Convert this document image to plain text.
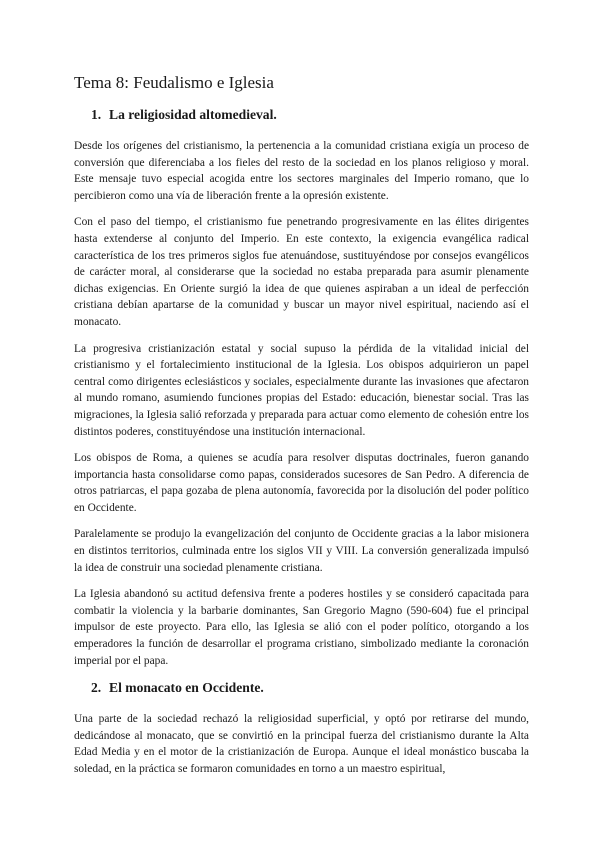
Tema 8: Feudalismo e Iglesia
1. La religiosidad altomedieval.

Desde los orígenes del cristianismo, la pertenencia a la comunidad cristiana exigía un proceso de conversión que diferenciaba a los fieles del resto de la sociedad en los planos religioso y moral. Este mensaje tuvo especial acogida entre los sectores marginales del Imperio romano, que lo percibieron como una vía de liberación frente a la opresión existente.

Con el paso del tiempo, el cristianismo fue penetrando progresivamente en las élites dirigentes hasta extenderse al conjunto del Imperio. En este contexto, la exigencia evangélica radical característica de los tres primeros siglos fue atenuándose, sustituyéndose por consejos evangélicos de carácter moral, al considerarse que la sociedad no estaba preparada para asumir plenamente dichas exigencias. En Oriente surgió la idea de que quienes aspiraban a un ideal de perfección cristiana debían apartarse de la comunidad y buscar un mayor nivel espiritual, naciendo así el monacato.

La progresiva cristianización estatal y social supuso la pérdida de la vitalidad inicial del cristianismo y el fortalecimiento institucional de la Iglesia. Los obispos adquirieron un papel central como dirigentes eclesiásticos y sociales, especialmente durante las invasiones que afectaron al mundo romano, asumiendo funciones propias del Estado: educación, bienestar social. Tras las migraciones, la Iglesia salió reforzada y preparada para actuar como elemento de cohesión entre los distintos poderes, constituyéndose una institución internacional.

Los obispos de Roma, a quienes se acudía para resolver disputas doctrinales, fueron ganando importancia hasta consolidarse como papas, considerados sucesores de San Pedro. A diferencia de otros patriarcas, el papa gozaba de plena autonomía, favorecida por la disolución del poder político en Occidente.

Paralelamente se produjo la evangelización del conjunto de Occidente gracias a la labor misionera en distintos territorios, culminada entre los siglos VII y VIII. La conversión generalizada impulsó la idea de construir una sociedad plenamente cristiana.

La Iglesia abandonó su actitud defensiva frente a poderes hostiles y se consideró capacitada para combatir la violencia y la barbarie dominantes, San Gregorio Magno (590-604) fue el principal impulsor de este proyecto. Para ello, las Iglesia se alió con el poder político, otorgando a los emperadores la función de desarrollar el programa cristiano, simbolizado mediante la coronación imperial por el papa.

2. El monacato en Occidente.

Una parte de la sociedad rechazó la religiosidad superficial, y optó por retirarse del mundo, dedicándose al monacato, que se convirtió en la principal fuerza del cristianismo durante la Alta Edad Media y en el motor de la cristianización de Europa. Aunque el ideal monástico buscaba la soledad, en la práctica se formaron comunidades en torno a un maestro espiritual,
